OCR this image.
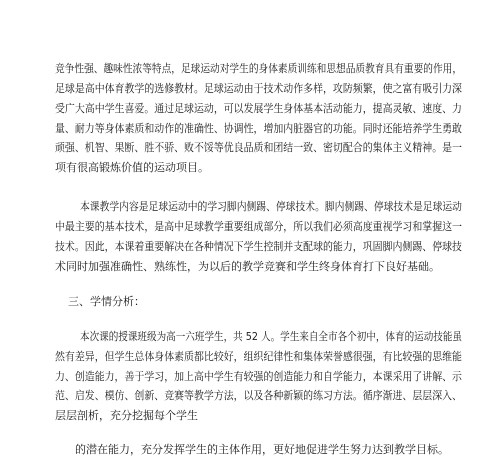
竞争性强、趣味性浓等特点，足球运动对学生的身体素质训练和思想品质教育具有重要的作用，
足球是高中体育教学的选修教材。足球运动由于技术动作多样，攻防频繁，使之富有吸引力深
受广大高中学生喜爱。通过足球运动，可以发展学生身体基本活动能力，提高灵敏、速度、力
量、耐力等身体素质和动作的准确性、协调性，增加内脏器官的功能。同时还能培养学生勇敢
顽强、机智、果断、胜不骄、败不馁等优良品质和团结一致、密切配合的集体主义精神。是一
项有很高锻炼价值的运动项目。
本课教学内容是足球运动中的学习脚内侧踢、停球技术。脚内侧踢、停球技术是足球运动
中最主要的基本技术，是高中足球教学重要组成部分，所以我们必须高度重视学习和掌握这一
技术。因此，本课着重要解决在各种情况下学生控制并支配球的能力，巩固脚内侧踢、停球技
术同时加强准确性、熟练性，为以后的教学竞赛和学生终身体育打下良好基础。
三、学情分析：
本次课的授课班级为高一六班学生，共 52 人。学生来自全市各个初中，体育的运动技能虽
然有差异，但学生总体身体素质都比较好，组织纪律性和集体荣誉感很强，有比较强的思维能
力、创造能力，善于学习，加上高中学生有较强的创造能力和自学能力，本课采用了讲解、示
范、启发、模仿、创新、竞赛等教学方法，以及各种新颖的练习方法。循序渐进、层层深入、
层层剖析，充分挖掘每个学生
的潜在能力，充分发挥学生的主体作用，更好地促进学生努力达到教学目标。
